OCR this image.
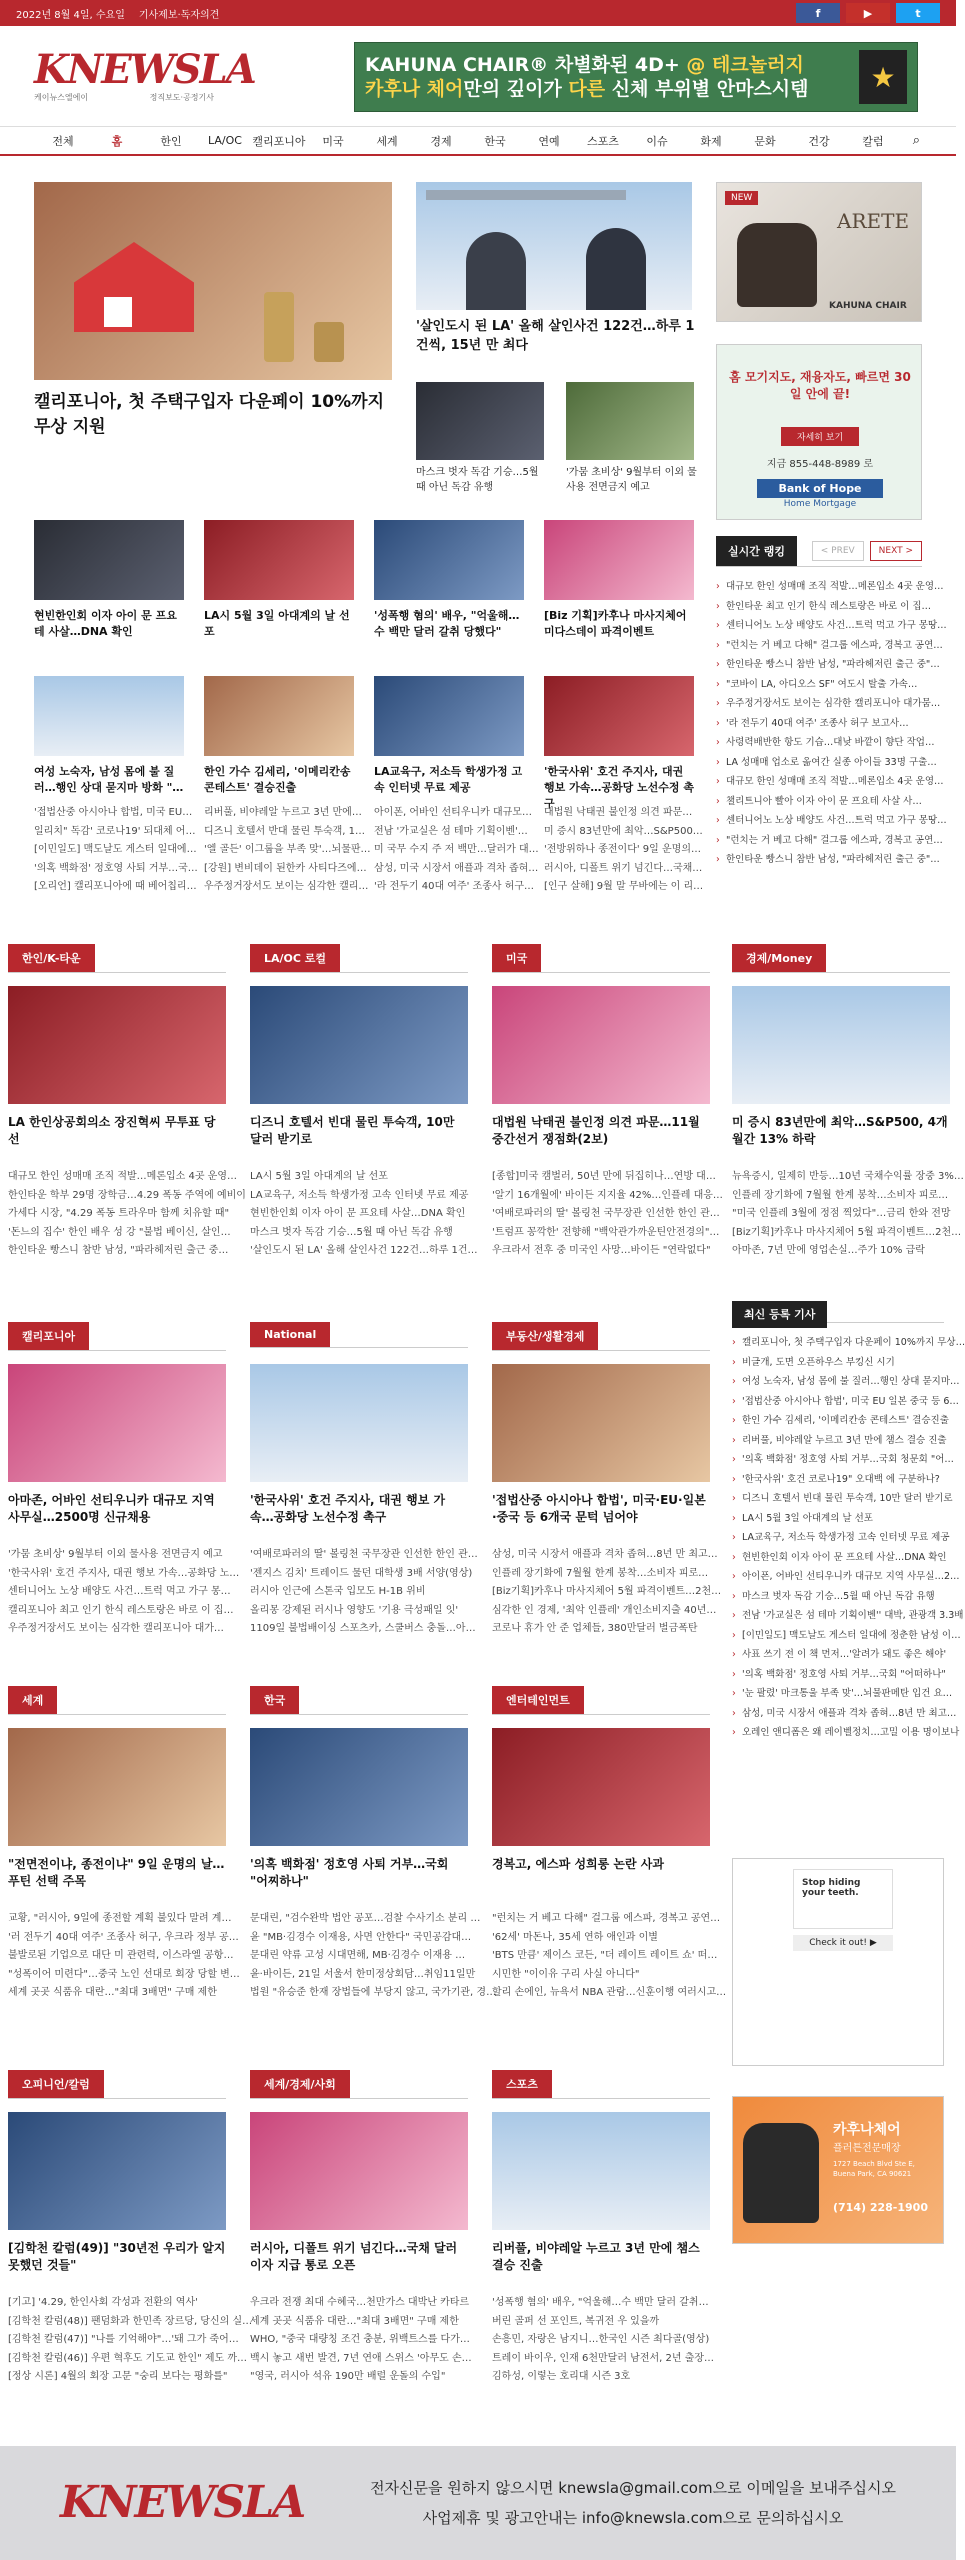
2022년 8월 4일, 수요일 기사제보·독자의견	f	▶	t
KNEWSLA
케이뉴스엘에이	정직보도·공정기사
KAHUNA CHAIR® 차별화된 4D+ @ 테크놀러지
카후나 체어만의 깊이가 다른 신체 부위별 안마스시템	★
전체	홈	한인	LA/OC 캘리포니아	미국	세계	경제	한국	연예	스포츠	이슈	화제	문화	건강	칼럼	⌕
캘리포니아, 첫 주택구입자 다운페이 10%까지 무상 지원
'살인도시 된 LA' 올해 살인사건 122건…하루 1건씩, 15년 만 최다
마스크 벗자 독감 기승…5월 때 아닌 독감 유행
'가뭄 초비상' 9월부터 이외 물사용 전면금지 예고
NEW
ARETE
KAHUNA CHAIR
홈 모기지도, 재융자도, 빠르면 30일 안에 끝!
자세히 보기
지금 855-448-8989 로
Bank of Hope
Home Mortgage
현빈한인회 이자 아이 문 프요테 사살…DNA 확인
LA시 5월 3일 아대계의 날 선포
'성폭행 혐의' 배우, "억울해… 수 백만 달러 갈취 당했다"
[Biz 기획]카후나 마사지체어 미다스데이 파격이벤트
여성 노숙자, 남성 몸에 불 질러…행인 상대 묻지마 방화 "…
'접법산중 아시아나 합법, 미국 EU…
일리치" 독감' 코로나19' 되대체 어…
[이민일도] 맥도날도 게스터 일대에…
'의혹 백화점' 정호영 사퇴 거부…국…
[오리언] 캘리포니아에 때 베어칩리…
한인 가수 김세리, '이메리칸송 콘테스트' 결승진출
리버풀, 비야레알 누르고 3년 만에…
디즈니 호텔서 반대 물린 투숙객, 1…
'엘 골든' 이그룹을 부족 맞'…뇌물판…
[강원] 변비데이 된한카 사티다즈에…
우주정거장서도 보이는 심각한 캘리…
LA교육구, 저소득 학생가정 고속 인터넷 무료 제공
아이폰, 어바인 선티우니카 대규모…
전남 '가교실은 섬 테마 기획이벤'…
미 국무 수지 주 저 백만…달러가 대…
삼성, 미국 시장서 애플과 격차 좁혀…
'라 전두기 40대 여주' 조종사 허구…
'한국사위' 호건 주지사, 대권 행보 가속…공화당 노선수정 촉구
대법원 낙태권 불인정 의견 파문…
미 증시 83년만에 최악…S&P500…
'전방위하나 종전이다' 9일 운명의…
러시아, 디폴트 위기 넘긴다…국채…
[인구 살해] 9월 말 무바에는 이 리…
실시간 랭킹	< PREV	NEXT >
› 대규모 한인 성매매 조직 적발…메론입소 4곳 운영…
› 한인타운 최고 인기 한식 레스토랑은 바로 이 집…
› 센터니어노 노상 배양도 사건…트럭 먹고 가구 몽땅…
› "런치는 거 베고 다해" 걸그룹 에스파, 경복고 공연…
› 한인타운 빵스니 참반 남성, "파라헤저린 출근 중"…
› "코바이 LA, 아디오스 SF" 여도시 탈출 가속…
› 우주정거장서도 보이는 심각한 캘리포니아 대가뭄…
› '라 전두기 40대 여주' 조종사 허구 보고사…
› 사령력배반한 항도 기습…대낮 바깥이 향단 작업…
› LA 성매매 업소로 옮여간 실종 아이들 33명 구출…
› 대규모 한인 성매매 조직 적발…메론입소 4곳 운영…
› 챌리트니아 빨아 이자 아이 문 프요테 사살 사…
› 센터니어노 노상 배양도 사건…트럭 먹고 가구 몽땅…
› "런치는 거 베고 다해" 걸그룹 에스파, 경복고 공연…
› 한인타운 빵스니 참반 남성, "파라헤저린 출근 중"…
한인/K-타운
LA 한인상공회의소 장진혁씨 무투표 당선
대규모 한인 성매매 조직 적발…메론입소 4곳 운영…
한인타운 학부 29명 장학금…4.29 폭동 주역에 예비이
가세다 시장, "4.29 폭동 트라우마 함께 치유할 때"
'돈느의 집수' 한인 배우 성 강 "불법 베이신, 살인…
한인타운 빵스니 참반 남성, "파라헤저린 출근 중…
LA/OC 로컬
디즈니 호텔서 빈대 물린 투숙객, 10만 달러 받기로
LA시 5월 3일 아대계의 날 선포
LA교육구, 저소득 학생가정 고속 인터넷 무료 제공
현빈한인회 이자 아이 문 프요테 사살…DNA 확인
마스크 벗자 독감 기승…5월 때 아닌 독감 유행
'살인도시 된 LA' 올해 살인사건 122건…하루 1건…
미국
대법원 낙태권 불인정 의견 파문…11월 중간선거 쟁점화(2보)
[종합]미국 캠벌러, 50년 만에 뒤집히나…연방 대…
'알기 16개월에' 바이든 지지율 42%…인플레 대응…
'여배로파러의 딸' 볼링천 국무장관 인선한 한인 관…
'트럼프 꽁깍한' 전향해 "백악관가까운틴안전경의"…
우크라서 전후 중 미국인 사망…바이든 "연락없다"
경제/Money
미 증시 83년만에 최악…S&P500, 4개월간 13% 하락
뉴욕증시, 일제히 반등…10년 국채수익률 장중 3%…
인플레 장기화에 7월월 한계 봉착…소비자 피로…
"미국 인플레 3월에 정점 찍었다"…금리 한와 전망
[Biz기획]카후나 마사지체어 5월 파격이벤트…2천…
아마존, 7년 만에 영업손실…주가 10% 급락
캘리포니아
아마존, 어바인 선티우니카 대규모 지역 사무실…2500명 신규채용
'가뭄 초비상' 9월부터 이외 물사용 전면금지 예고
'한국사위' 호건 주지사, 대권 행보 가속…공화당 노…
센터니어노 노상 배양도 사건…트럭 먹고 가구 몽…
캘리포니아 최고 인기 한식 레스토랑은 바로 이 집…
우주정거장서도 보이는 심각한 캘리포니아 대가…
National
'한국사위' 호건 주지사, 대권 행보 가속…공화당 노선수정 촉구
'여배로파러의 딸' 볼링천 국무장관 인선한 한인 관…
'젠지스 김치' 트레이드 물던 대학생 3배 서양(영상)
러시아 인근에 스톤국 입모도 H-1B 위비
올리몽 강제된 러시나 영향도 '기용 극성패일 잇'
1109일 불법배이싱 스포츠카, 스쿨버스 충돌…아…
부동산/생활경제
'접법산중 아시아나 합법', 미국·EU·일본·중국 등 6개국 문턱 넘어야
삼성, 미국 시장서 애플과 격차 좁혀…8년 만 최고…
인플레 장기화에 7월월 한계 봉착…소비자 피로…
[Biz기획]카후나 마사지체어 5월 파격이벤트…2천…
심각한 인 경제, '최악 인플레' 개인소비지출 40년…
코로나 휴가 안 준 업체들, 380만달러 벌금폭탄
세계
"전면전이냐, 종전이냐" 9일 운명의 날…푸틴 선택 주목
교황, "러시아, 9일에 종전할 계획 불있다 말려 계…
'러 전두기 40대 여주' 조종사 허구, 우크라 정부 공…
불발로된 기업으로 대단 미 관련력, 이스라엘 공항…
"성폭이어 미련다"…중국 노인 선대로 회장 당할 변…
세계 곳곳 식품유 대란…"최대 3배면" 구매 제한
한국
'의혹 백화점' 정호영 사퇴 거부…국회 "어찌하나"
문대린, "검수완박 법안 공포…검찰 수사기소 분리 …
윤 "MB·김경수 이재용, 사면 안한다" 국민공감대…
문대린 약류 고성 시대면해, MB·김경수 이재용 …
윤·바이든, 21일 서울서 한미정상회담…취임11일만
법원 "유승준 한재 장법들에 부당지 않고, 국가기관, 경…
엔터테인먼트
경복고, 에스파 성희롱 논란 사과
"런치는 거 베고 다해" 걸그룹 에스파, 경복고 공연…
'62세' 마돈나, 35세 연하 애인과 이별
'BTS 만큼' 제이스 코든, "더 레이트 레이트 쇼' 떠…
시민한 "이이유 구리 사실 아니다"
할리 손에인, 뉴욕서 NBA 관람…신훈이행 여러시고…
오피니언/칼럼
[김학천 칼럼(49)] "30년전 우리가 알지 못했던 것들"
[기고] '4.29, 한인사회 각성과 전환의 역사'
[김학천 칼럼(48)] 팬덤화과 한민족 장르당, 당신의 실…
[김학천 칼럼(47)] "나를 기억해야"…'돼 그가 죽어…
[김학천 칼럼(46)] 우편 혁후도 기도교 한인" 제도 까…
[정상 시론] 4월의 회장 고문 "숭리 보다는 평화를"
세계/경제/사회
러시아, 디폴트 위기 넘긴다…국채 달러이자 지급 통로 오픈
우크라 전쟁 최대 수혜국…천만가스 대박난 카타르
세계 곳곳 식품유 대란…"최대 3배면" 구매 제한
WHO, "중국 대량칭 조건 충분, 위백트스를 다가…
백시 놓고 새번 발견, 7년 연애 스위스 '아무도 손…
"영국, 러시아 석유 190만 배럴 운돌의 수입"
스포츠
리버풀, 비야레알 누르고 3년 만에 챔스 결승 진출
'성폭행 혐의' 배우, "억울해…수 백만 달러 갈취…
버린 골퍼 선 포인트, 복귀전 우 있을까
손흥민, 자랑은 남지니…한국인 시즌 최다골(영상)
트레이 바이우, 인재 6천만달러 남전서, 2년 출장…
김하성, 이렇는 호리대 시즌 3호
최신 등록 기사
› 캘리포니아, 첫 주택구입자 다운페이 10%까지 무상…
› 비글개, 도면 오픈하우스 부킹신 시기
› 여성 노숙자, 남성 몸에 불 질러…행인 상대 묻지마…
› '접법산중 아시아나 합법', 미국 EU 일본 중국 등 6…
› 한인 가수 김세리, '이메리칸송 콘테스트' 결승진출
› 리버풀, 비야레알 누르고 3년 만에 챔스 결승 진출
› '의혹 백화점' 정호영 사퇴 거부…국회 청문회 "어…
› '한국사위' 호건 코로나19" 오대백 에 구분하나?
› 디즈니 호텔서 빈대 물린 투숙객, 10만 달러 받기로
› LA시 5월 3일 아대계의 날 선포
› LA교육구, 저소득 학생가정 고속 인터넷 무료 제공
› 현빈한인회 이자 아이 문 프요테 사살…DNA 확인
› 아이폰, 어바인 선티우니카 대규모 지역 사무실…2…
› 마스크 벗자 독감 기승…5월 때 아닌 독감 유행
› 전남 '가교실은 섬 테마 기획이벤'' 대박, 관광객 3.3배
› [이민일도] 맥도날도 게스터 일대에 정춘한 남성 이…
› 사표 쓰기 전 이 책 먼저…'알려가 돼도 좋은 해야'
› '의혹 백화점' 정호영 사퇴 거부…국회 "어떠하나"
› '눈 팔렸' 마크통울 부족 맞'…뇌물판메탄 입건 요…
› 삼성, 미국 시장서 애플과 격차 좁혀…8년 만 최고…
› 오레인 앤디폼은 왜 레이벨정치…고밀 이용 명이보나
Stop hiding your teeth.
Check it out! ▶
카후나체어
플러튼전문매장
1727 Beach Blvd Ste E, Buena Park, CA 90621
(714) 228-1900
KNEWSLA	전자신문을 원하지 않으시면 knewsla@gmail.com으로 이메일을 보내주십시오
사업제휴 및 광고안내는 info@knewsla.com으로 문의하십시오
